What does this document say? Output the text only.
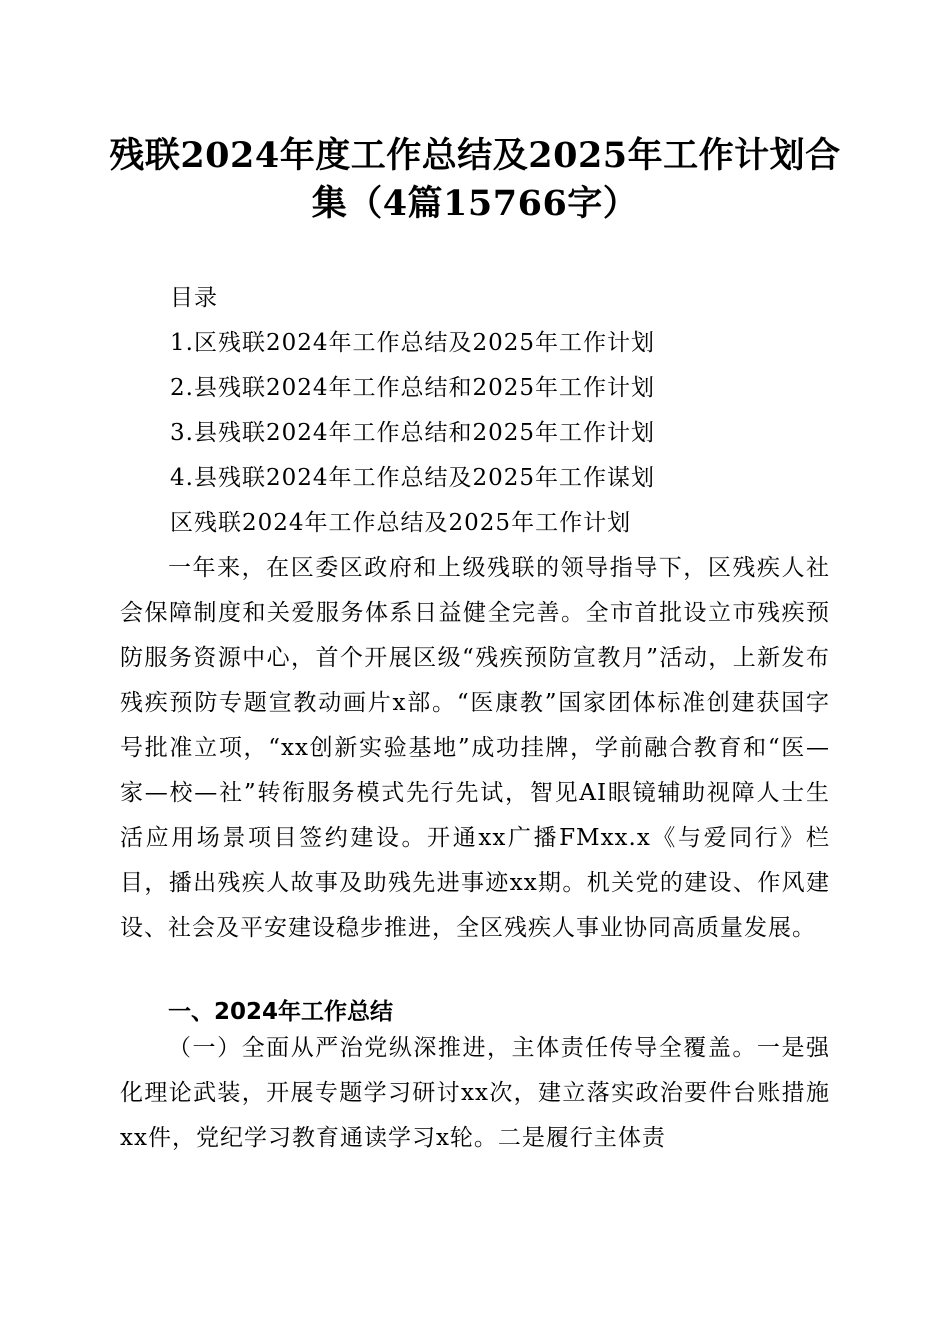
残联2024年度工作总结及2025年工作计划合
集（4篇15766字）
目录
1.区残联2024年工作总结及2025年工作计划
2.县残联2024年工作总结和2025年工作计划
3.县残联2024年工作总结和2025年工作计划
4.县残联2024年工作总结及2025年工作谋划
区残联2024年工作总结及2025年工作计划

一年来，在区委区政府和上级残联的领导指导下，区残疾人社会保障制度和关爱服务体系日益健全完善。全市首批设立市残疾预防服务资源中心，首个开展区级“残疾预防宣教月”活动，上新发布残疾预防专题宣教动画片x部。“医康教”国家团体标准创建获国字号批准立项，“xx创新实验基地”成功挂牌，学前融合教育和“医—家—校—社”转衔服务模式先行先试，智见AI眼镜辅助视障人士生活应用场景项目签约建设。开通xx广播FMxx.x《与爱同行》栏目，播出残疾人故事及助残先进事迹xx期。机关党的建设、作风建设、社会及平安建设稳步推进，全区残疾人事业协同高质量发展。

一、2024年工作总结

（一）全面从严治党纵深推进，主体责任传导全覆盖。一是强化理论武装，开展专题学习研讨xx次，建立落实政治要件台账措施xx件，党纪学习教育通读学习x轮。二是履行主体责
